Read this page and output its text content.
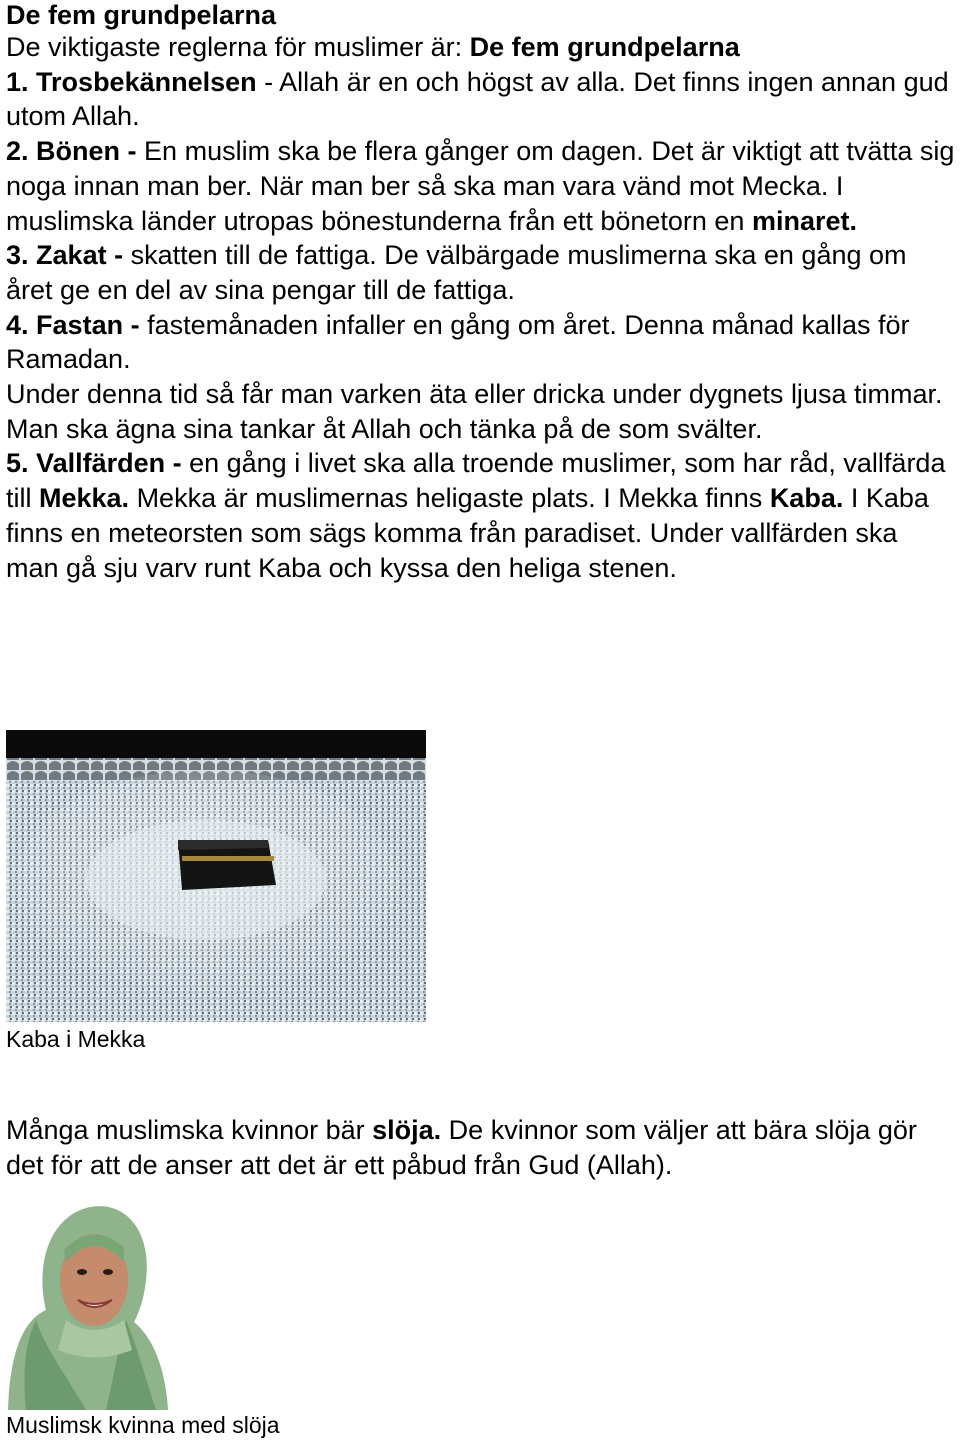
De fem grundpelarna

De viktigaste reglerna för muslimer är: De fem grundpelarna

1. Trosbekännelsen - Allah är en och högst av alla. Det finns ingen annan gud utom Allah.

2. Bönen - En muslim ska be flera gånger om dagen. Det är viktigt att tvätta sig noga innan man ber. När man ber så ska man vara vänd mot Mecka. I muslimska länder utropas bönestunderna från ett bönetorn en minaret.

3. Zakat - skatten till de fattiga. De välbärgade muslimerna ska en gång om året ge en del av sina pengar till de fattiga.

4. Fastan - fastemånaden infaller en gång om året. Denna månad kallas för Ramadan.

Under denna tid så får man varken äta eller dricka under dygnets ljusa timmar. Man ska ägna sina tankar åt Allah och tänka på de som svälter.

5. Vallfärden - en gång i livet ska alla troende muslimer, som har råd, vallfärda till Mekka. Mekka är muslimernas heligaste plats. I Mekka finns Kaba. I Kaba finns en meteorsten som sägs komma från paradiset. Under vallfärden ska man gå sju varv runt Kaba och kyssa den heliga stenen.

Kaba i Mekka

Många muslimska kvinnor bär slöja. De kvinnor som väljer att bära slöja gör det för att de anser att det är ett påbud från Gud (Allah).

Muslimsk kvinna med slöja
